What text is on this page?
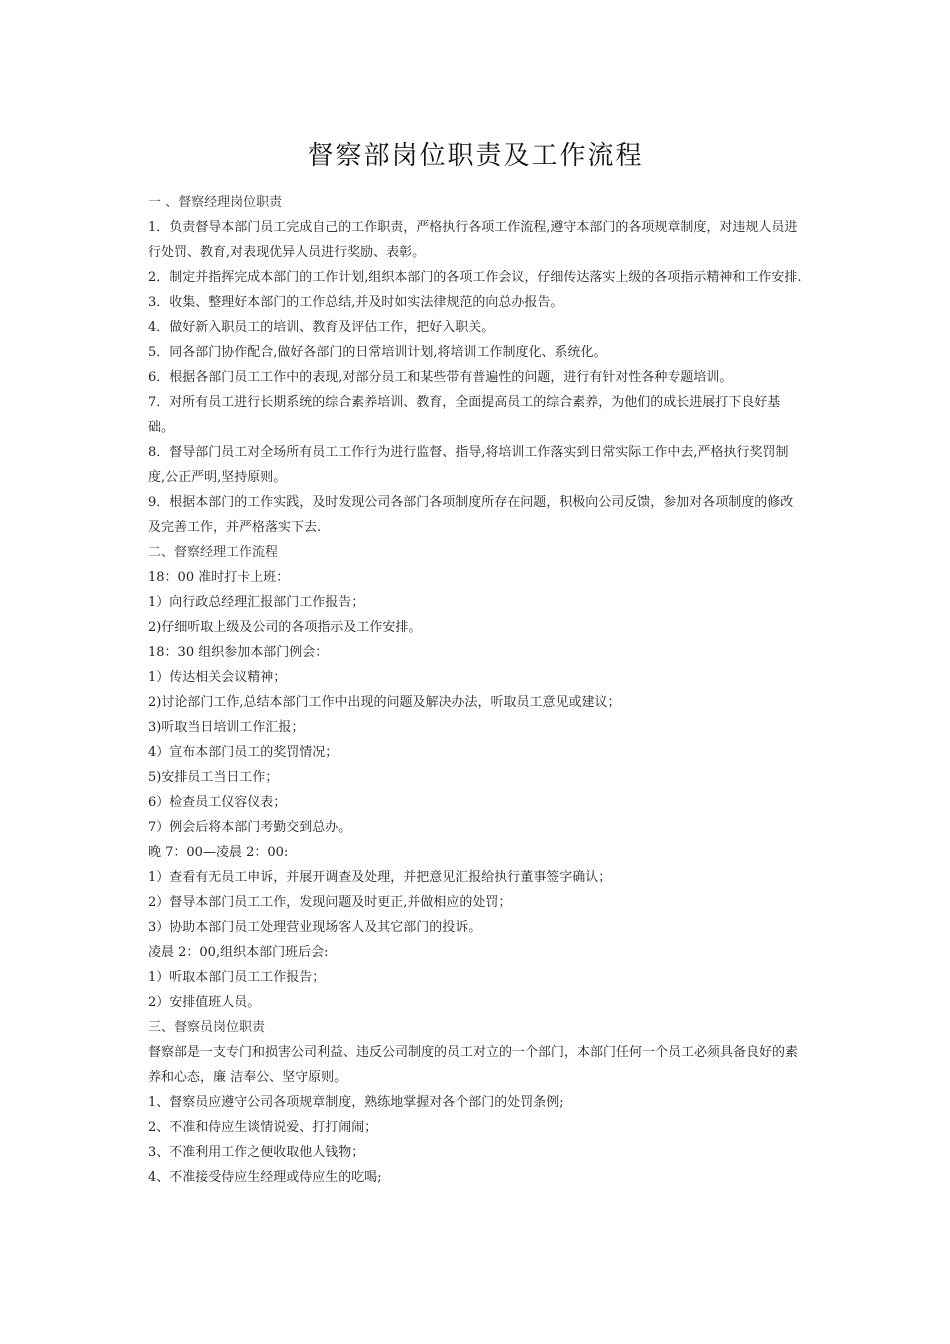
督察部岗位职责及工作流程

一 、督察经理岗位职责

1．负责督导本部门员工完成自己的工作职责，严格执行各项工作流程,遵守本部门的各项规章制度，对违规人员进行处罚、教育,对表现优异人员进行奖励、表彰。

2．制定并指挥完成本部门的工作计划,组织本部门的各项工作会议，仔细传达落实上级的各项指示精神和工作安排.

3．收集、整理好本部门的工作总结,并及时如实法律规范的向总办报告。

4．做好新入职员工的培训、教育及评估工作，把好入职关。

5．同各部门协作配合,做好各部门的日常培训计划,将培训工作制度化、系统化。

6．根据各部门员工工作中的表现,对部分员工和某些带有普遍性的问题，进行有针对性各种专题培训。

7．对所有员工进行长期系统的综合素养培训、教育，全面提高员工的综合素养，为他们的成长进展打下良好基础。

8．督导部门员工对全场所有员工工作行为进行监督、指导,将培训工作落实到日常实际工作中去,严格执行奖罚制度,公正严明,坚持原则。

9．根据本部门的工作实践，及时发现公司各部门各项制度所存在问题，积极向公司反馈，参加对各项制度的修改及完善工作，并严格落实下去.

二、督察经理工作流程

18：00 准时打卡上班：

1）向行政总经理汇报部门工作报告；

2)仔细听取上级及公司的各项指示及工作安排。

18：30 组织参加本部门例会：

1）传达相关会议精神；

2)讨论部门工作,总结本部门工作中出现的问题及解决办法，听取员工意见或建议；

3)听取当日培训工作汇报；

4）宣布本部门员工的奖罚情况；

5)安排员工当日工作；

6）检查员工仪容仪表；

7）例会后将本部门考勤交到总办。

晚 7：00—凌晨 2：00:

1）查看有无员工申诉，并展开调查及处理，并把意见汇报给执行董事签字确认；

2）督导本部门员工工作，发现问题及时更正,并做相应的处罚；

3）协助本部门员工处理营业现场客人及其它部门的投诉。

凌晨 2：00,组织本部门班后会:

1）听取本部门员工工作报告；

2）安排值班人员。

三、督察员岗位职责

督察部是一支专门和损害公司利益、违反公司制度的员工对立的一个部门，本部门任何一个员工必须具备良好的素养和心态，廉 洁奉公、坚守原则。

1、督察员应遵守公司各项规章制度，熟练地掌握对各个部门的处罚条例;

2、不准和侍应生谈情说爱、打打闹闹；

3、不准利用工作之便收取他人钱物；

4、不准接受侍应生经理或侍应生的吃喝;
